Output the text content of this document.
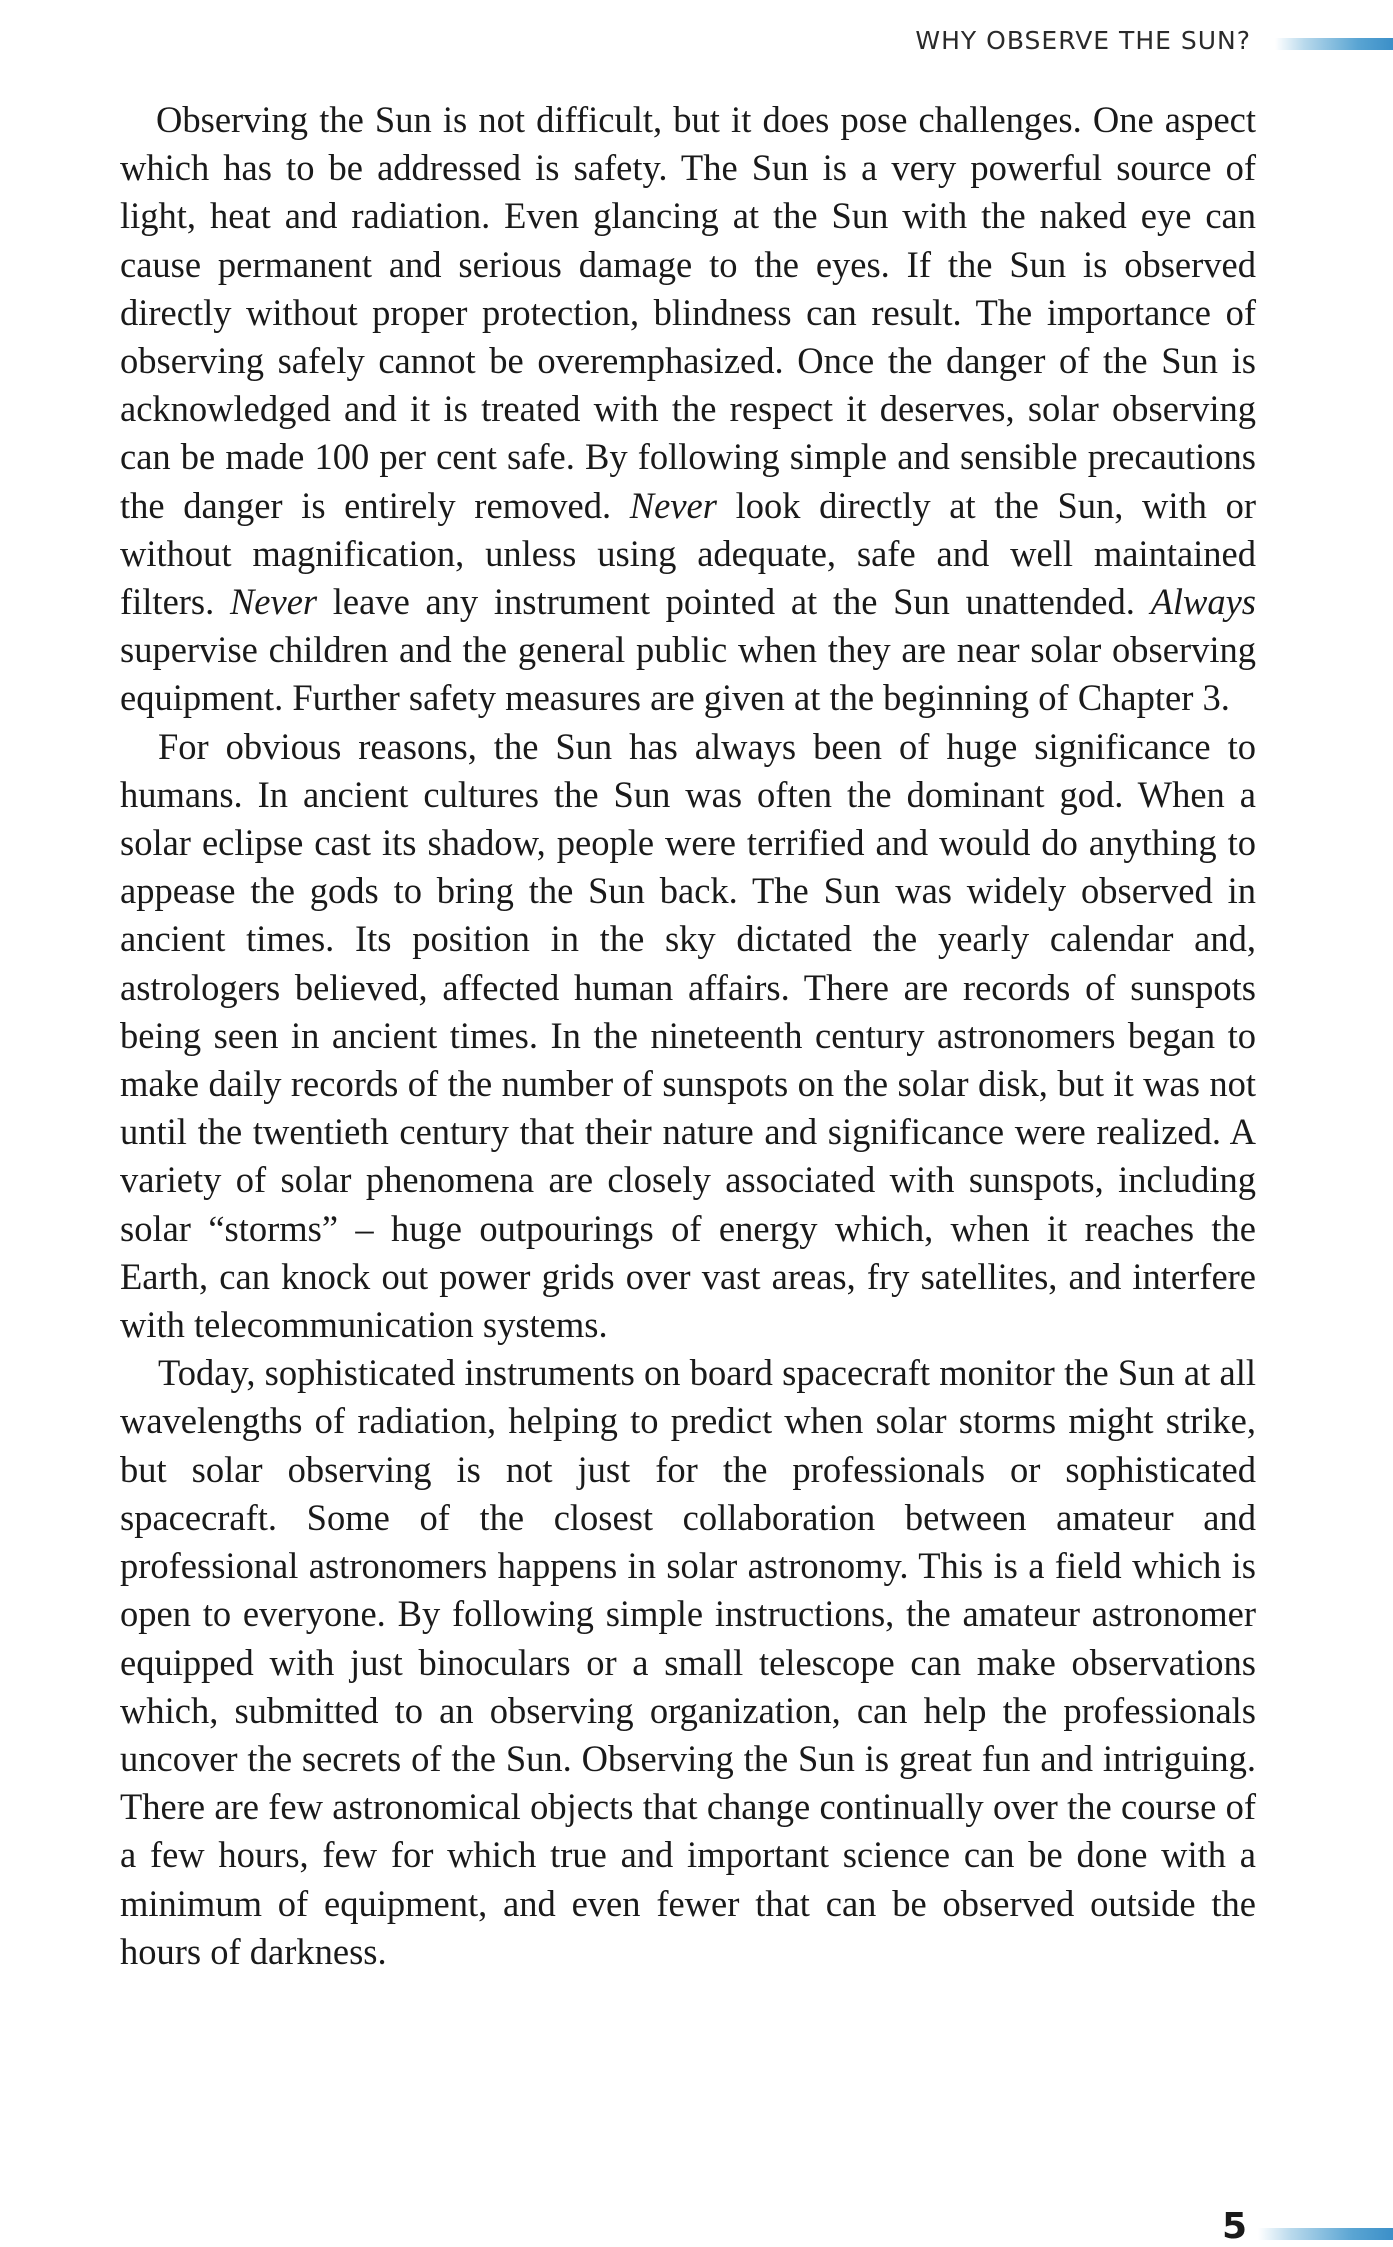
WHY OBSERVE THE SUN?

Observing the Sun is not difficult, but it does pose challenges. One aspect which has to be addressed is safety. The Sun is a very powerful source of light, heat and radiation. Even glancing at the Sun with the naked eye can cause permanent and serious damage to the eyes. If the Sun is observed directly without proper protection, blindness can result. The importance of observing safely cannot be overemphasized. Once the danger of the Sun is acknowledged and it is treated with the respect it deserves, solar observing can be made 100 per cent safe. By following simple and sensible precautions the danger is entirely removed. Never look directly at the Sun, with or without magnification, unless using adequate, safe and well maintained filters. Never leave any instrument pointed at the Sun unattended. Always supervise children and the general public when they are near solar observing equipment. Further safety measures are given at the beginning of Chapter 3.

For obvious reasons, the Sun has always been of huge significance to humans. In ancient cultures the Sun was often the dominant god. When a solar eclipse cast its shadow, people were terrified and would do anything to appease the gods to bring the Sun back. The Sun was widely observed in ancient times. Its position in the sky dictated the yearly calendar and, astrologers believed, affected human affairs. There are records of sunspots being seen in ancient times. In the nineteenth century astronomers began to make daily records of the number of sunspots on the solar disk, but it was not until the twentieth century that their nature and significance were realized. A variety of solar phenomena are closely associated with sunspots, including solar “storms” – huge outpourings of energy which, when it reaches the Earth, can knock out power grids over vast areas, fry satellites, and interfere with telecommunication systems.

Today, sophisticated instruments on board spacecraft monitor the Sun at all wavelengths of radiation, helping to predict when solar storms might strike, but solar observing is not just for the professionals or sophisticated spacecraft. Some of the closest collaboration between amateur and professional astronomers happens in solar astronomy. This is a field which is open to everyone. By following simple instructions, the amateur astronomer equipped with just binoculars or a small telescope can make observations which, submitted to an observing organization, can help the professionals uncover the secrets of the Sun. Observing the Sun is great fun and intriguing. There are few astronomical objects that change continually over the course of a few hours, few for which true and important science can be done with a minimum of equipment, and even fewer that can be observed outside the hours of darkness.

5
